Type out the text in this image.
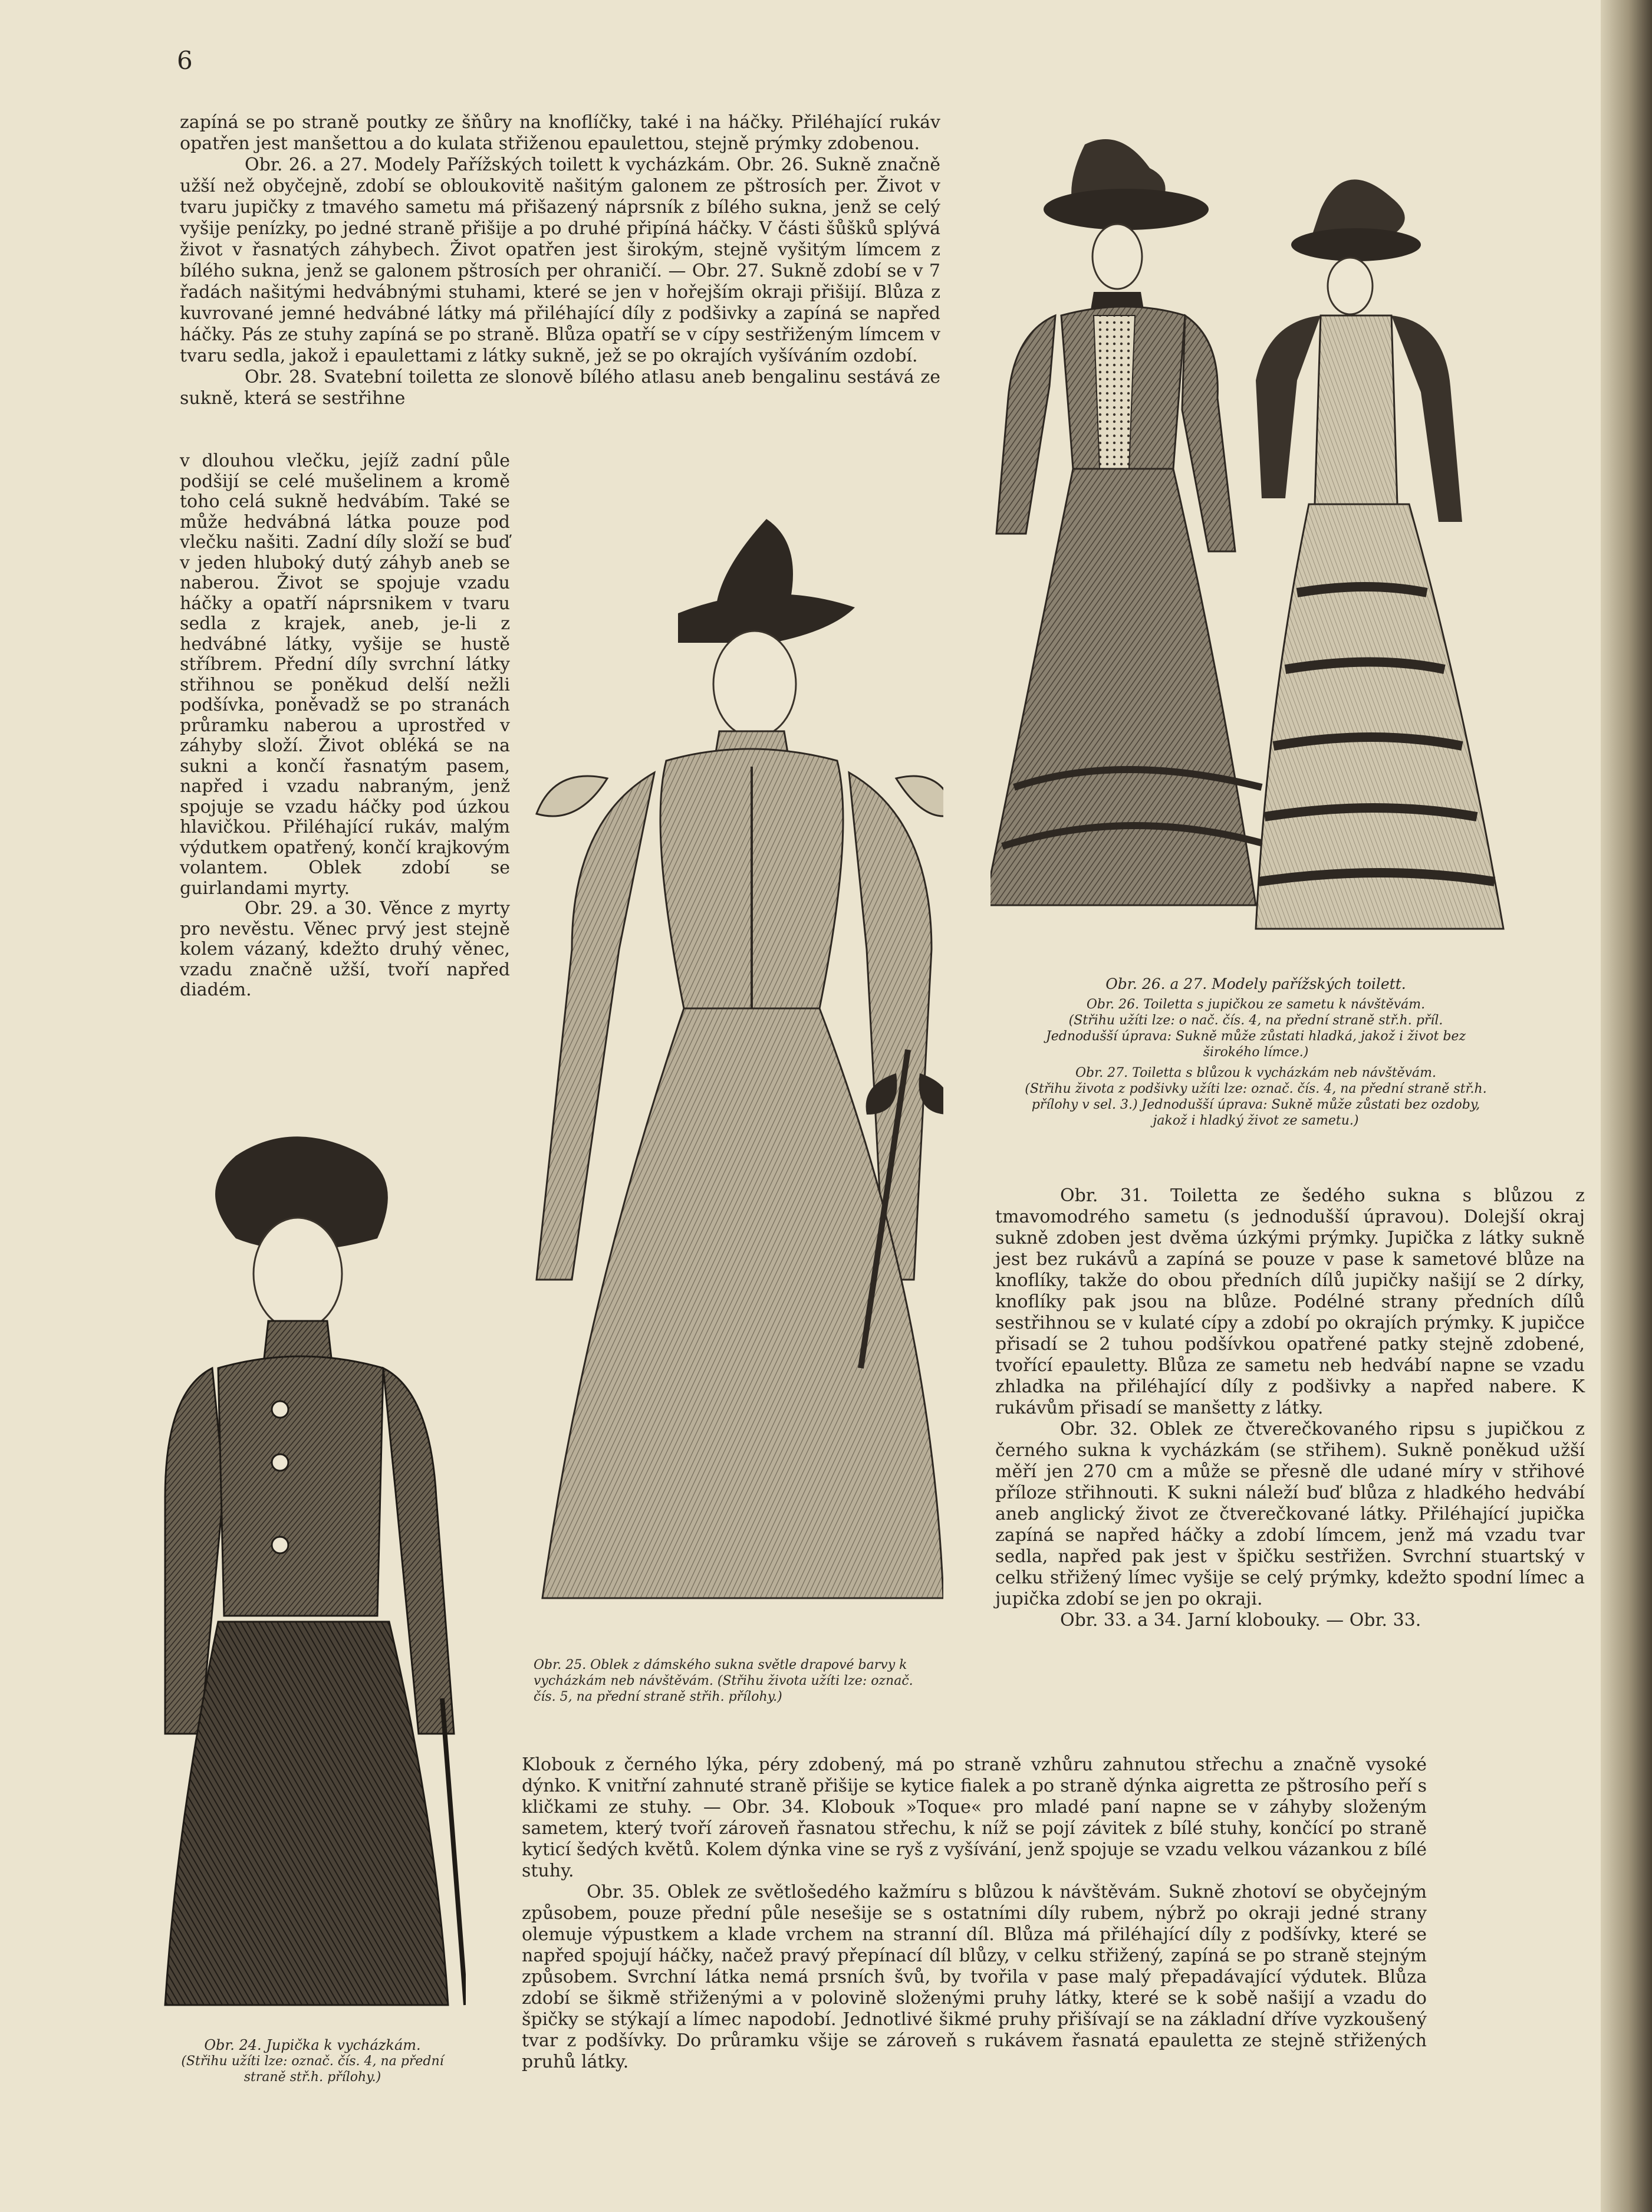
6

zapíná se po straně poutky ze šňůry na knoflíčky, také i na háčky. Přiléhající rukáv opatřen jest manšettou a do kulata střiženou epaulettou, stejně prýmky zdobenou.

Obr. 26. a 27. Modely Pařížských toilett k vycházkám. Obr. 26. Sukně značně užší než obyčejně, zdobí se obloukovitě našitým galonem ze pštrosích per. Život v tvaru jupičky z tmavého sametu má přišazený náprsník z bílého sukna, jenž se celý vyšije penízky, po jedné straně přišije a po druhé připíná háčky. V části šůšků splývá život v řasnatých záhybech. Život opatřen jest širokým, stejně vyšitým límcem z bílého sukna, jenž se galonem pštrosích per ohraničí. — Obr. 27. Sukně zdobí se v 7 řadách našitými hedvábnými stuhami, které se jen v hořejším okraji přišijí. Blůza z kuvrované jemné hedvábné látky má přiléhající díly z podšivky a zapíná se napřed háčky. Pás ze stuhy zapíná se po straně. Blůza opatří se v cípy sestřiženým límcem v tvaru sedla, jakož i epaulettami z látky sukně, jež se po okrajích vyšíváním ozdobí.

Obr. 28. Svatební toiletta ze slonově bílého atlasu aneb bengalinu sestává ze sukně, která se sestřihne

v dlouhou vlečku, jejíž zadní půle podšijí se celé mušelinem a kromě toho celá sukně hedvábím. Také se může hedvábná látka pouze pod vlečku našiti. Zadní díly složí se buď v jeden hluboký dutý záhyb aneb se naberou. Život se spojuje vzadu háčky a opatří náprsnikem v tvaru sedla z krajek, aneb, je-li z hedvábné látky, vyšije se hustě stříbrem. Přední díly svrchní látky střihnou se poněkud delší nežli podšívka, poněvadž se po stranách průramku naberou a uprostřed v záhyby složí. Život obléká se na sukni a končí řasnatým pasem, napřed i vzadu nabraným, jenž spojuje se vzadu háčky pod úzkou hlavičkou. Přiléhající rukáv, malým výdutkem opatřený, končí krajkovým volantem. Oblek zdobí se guirlandami myrty.

Obr. 29. a 30. Věnce z myrty pro nevěstu. Věnec prvý jest stejně kolem vázaný, kdežto druhý věnec, vzadu značně užší, tvoří napřed diadém.

Obr. 31. Toiletta ze šedého sukna s blůzou z tmavomodrého sametu (s jednodušší úpravou). Dolejší okraj sukně zdoben jest dvěma úzkými prýmky. Jupička z látky sukně jest bez rukávů a zapíná se pouze v pase k sametové blůze na knoflíky, takže do obou předních dílů jupičky našijí se 2 dírky, knoflíky pak jsou na blůze. Podélné strany předních dílů sestřihnou se v kulaté cípy a zdobí po okrajích prýmky. K jupičce přisadí se 2 tuhou podšívkou opatřené patky stejně zdobené, tvořící epauletty. Blůza ze sametu neb hedvábí napne se vzadu zhladka na přiléhající díly z podšivky a napřed nabere. K rukávům přisadí se manšetty z látky.

Obr. 32. Oblek ze čtverečkovaného ripsu s jupičkou z černého sukna k vycházkám (se střihem). Sukně poněkud užší měří jen 270 cm a může se přesně dle udané míry v střihové příloze střihnouti. K sukni náleží buď blůza z hladkého hedvábí aneb anglický život ze čtverečkované látky. Přiléhající jupička zapíná se napřed háčky a zdobí límcem, jenž má vzadu tvar sedla, napřed pak jest v špičku sestřižen. Svrchní stuartský v celku střižený límec vyšije se celý prýmky, kdežto spodní límec a jupička zdobí se jen po okraji.

Obr. 33. a 34. Jarní klobouky. — Obr. 33.

Klobouk z černého lýka, péry zdobený, má po straně vzhůru zahnutou střechu a značně vysoké dýnko. K vnitřní zahnuté straně přišije se kytice fialek a po straně dýnka aigretta ze pštrosího peří s kličkami ze stuhy. — Obr. 34. Klobouk »Toque« pro mladé paní napne se v záhyby složeným sametem, který tvoří zároveň řasnatou střechu, k níž se pojí závitek z bílé stuhy, končící po straně kyticí šedých květů. Kolem dýnka vine se ryš z vyšívání, jenž spojuje se vzadu velkou vázankou z bílé stuhy.

Obr. 35. Oblek ze světlošedého kažmíru s blůzou k návštěvám. Sukně zhotoví se obyčejným způsobem, pouze přední půle nesešije se s ostatními díly rubem, nýbrž po okraji jedné strany olemuje výpustkem a klade vrchem na stranní díl. Blůza má přiléhající díly z podšívky, které se napřed spojují háčky, načež pravý přepínací díl blůzy, v celku střižený, zapíná se po straně stejným způsobem. Svrchní látka nemá prsních švů, by tvořila v pase malý přepadávající výdutek. Blůza zdobí se šikmě střiženými a v polovině složenými pruhy látky, které se k sobě našijí a vzadu do špičky se stýkají a límec napodobí. Jednotlivé šikmé pruhy přišívají se na základní dříve vyzkoušený tvar z podšívky. Do průramku všije se zároveň s rukávem řasnatá epauletta ze stejně střižených pruhů látky.

Obr. 26. a 27. Modely pařížských toilett.

Obr. 26. Toiletta s jupičkou ze sametu k návštěvám.

(Střihu užíti lze: o nač. čís. 4, na přední straně stř.h. příl.

Jednodušší úprava: Sukně může zůstati hladká, jakož i život bez širokého límce.)

Obr. 27. Toiletta s blůzou k vycházkám neb návštěvám.

(Střihu života z podšivky užíti lze: označ. čís. 4, na přední straně stř.h. přílohy v sel. 3.) Jednodušší úprava: Sukně může zůstati bez ozdoby, jakož i hladký život ze sametu.)

Obr. 25. Oblek z dámského sukna světle drapové barvy k vycházkám neb návštěvám. (Střihu života užíti lze: označ. čís. 5, na přední straně střih. přílohy.)

Obr. 24. Jupička k vycházkám.

(Střihu užíti lze: označ. čís. 4, na přední straně stř.h. přílohy.)
